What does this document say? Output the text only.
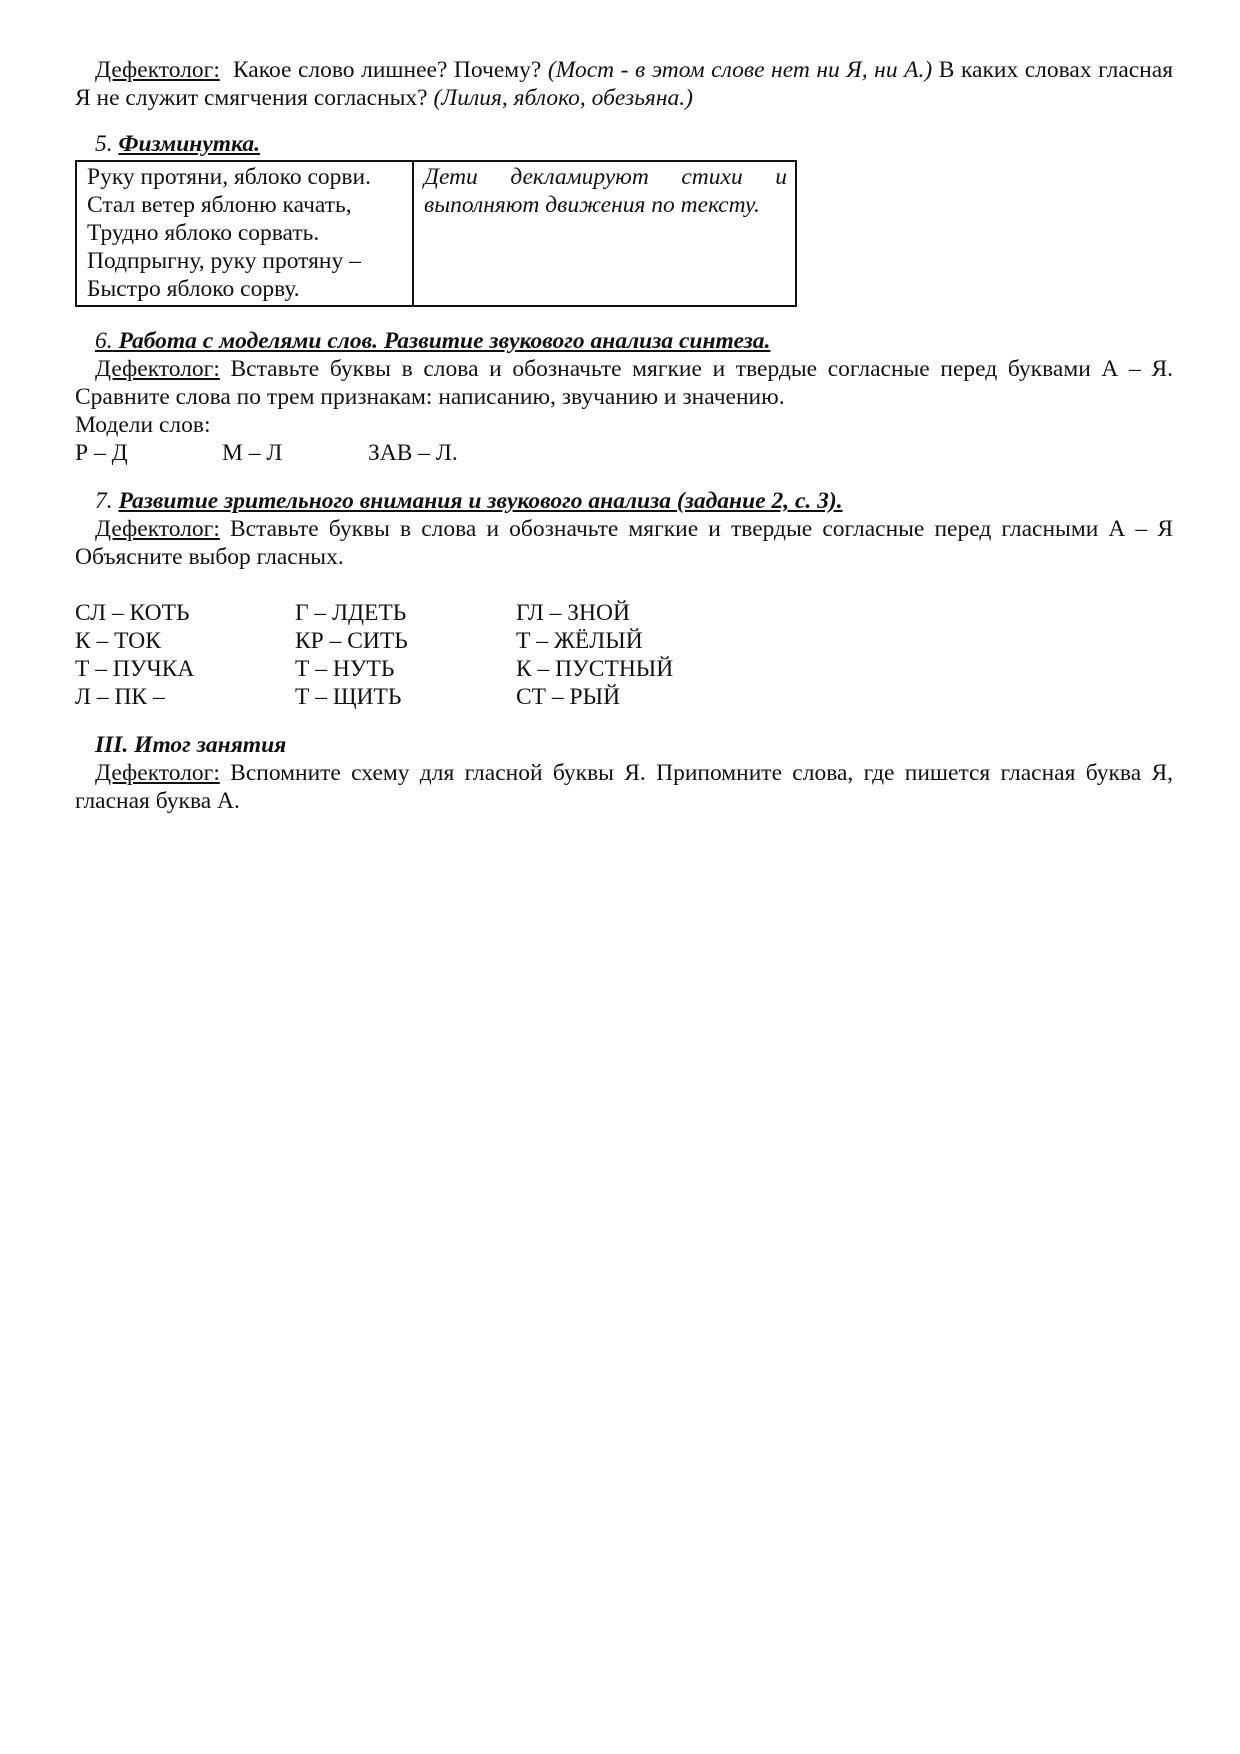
Дефектолог: Какое слово лишнее? Почему? (Мост - в этом слове нет ни Я, ни А.) В каких словах гласная Я не служит смягчения согласных? (Лилия, яблоко, обезьяна.)

5. Физминутка.

Руку протяни, яблоко сорви.
Стал ветер яблоню качать,
Трудно яблоко сорвать.
Подпрыгну, руку протяну –
Быстро яблоко сорву.
	Дети декламируют стихи и выполняют движения по тексту.

6. Работа с моделями слов. Развитие звукового анализа синтеза.

Дефектолог: Вставьте буквы в слова и обозначьте мягкие и твердые согласные перед буквами А – Я. Сравните слова по трем признакам: написанию, звучанию и значению.

Модели слов:

Р – Д	М – Л	ЗАВ – Л.

7. Развитие зрительного внимания и звукового анализа (задание 2, с. 3).

Дефектолог: Вставьте буквы в слова и обозначьте мягкие и твердые согласные перед гласными А – Я Объясните выбор гласных.

СЛ – КОТЬ	Г – ЛДЕТЬ	ГЛ – ЗНОЙ
К – ТОК	КР – СИТЬ	Т – ЖЁЛЫЙ
Т – ПУЧКА	Т – НУТЬ	К – ПУСТНЫЙ
Л – ПК –	Т – ЩИТЬ	СТ – РЫЙ

III. Итог занятия

Дефектолог: Вспомните схему для гласной буквы Я. Припомните слова, где пишется гласная буква Я, гласная буква А.
